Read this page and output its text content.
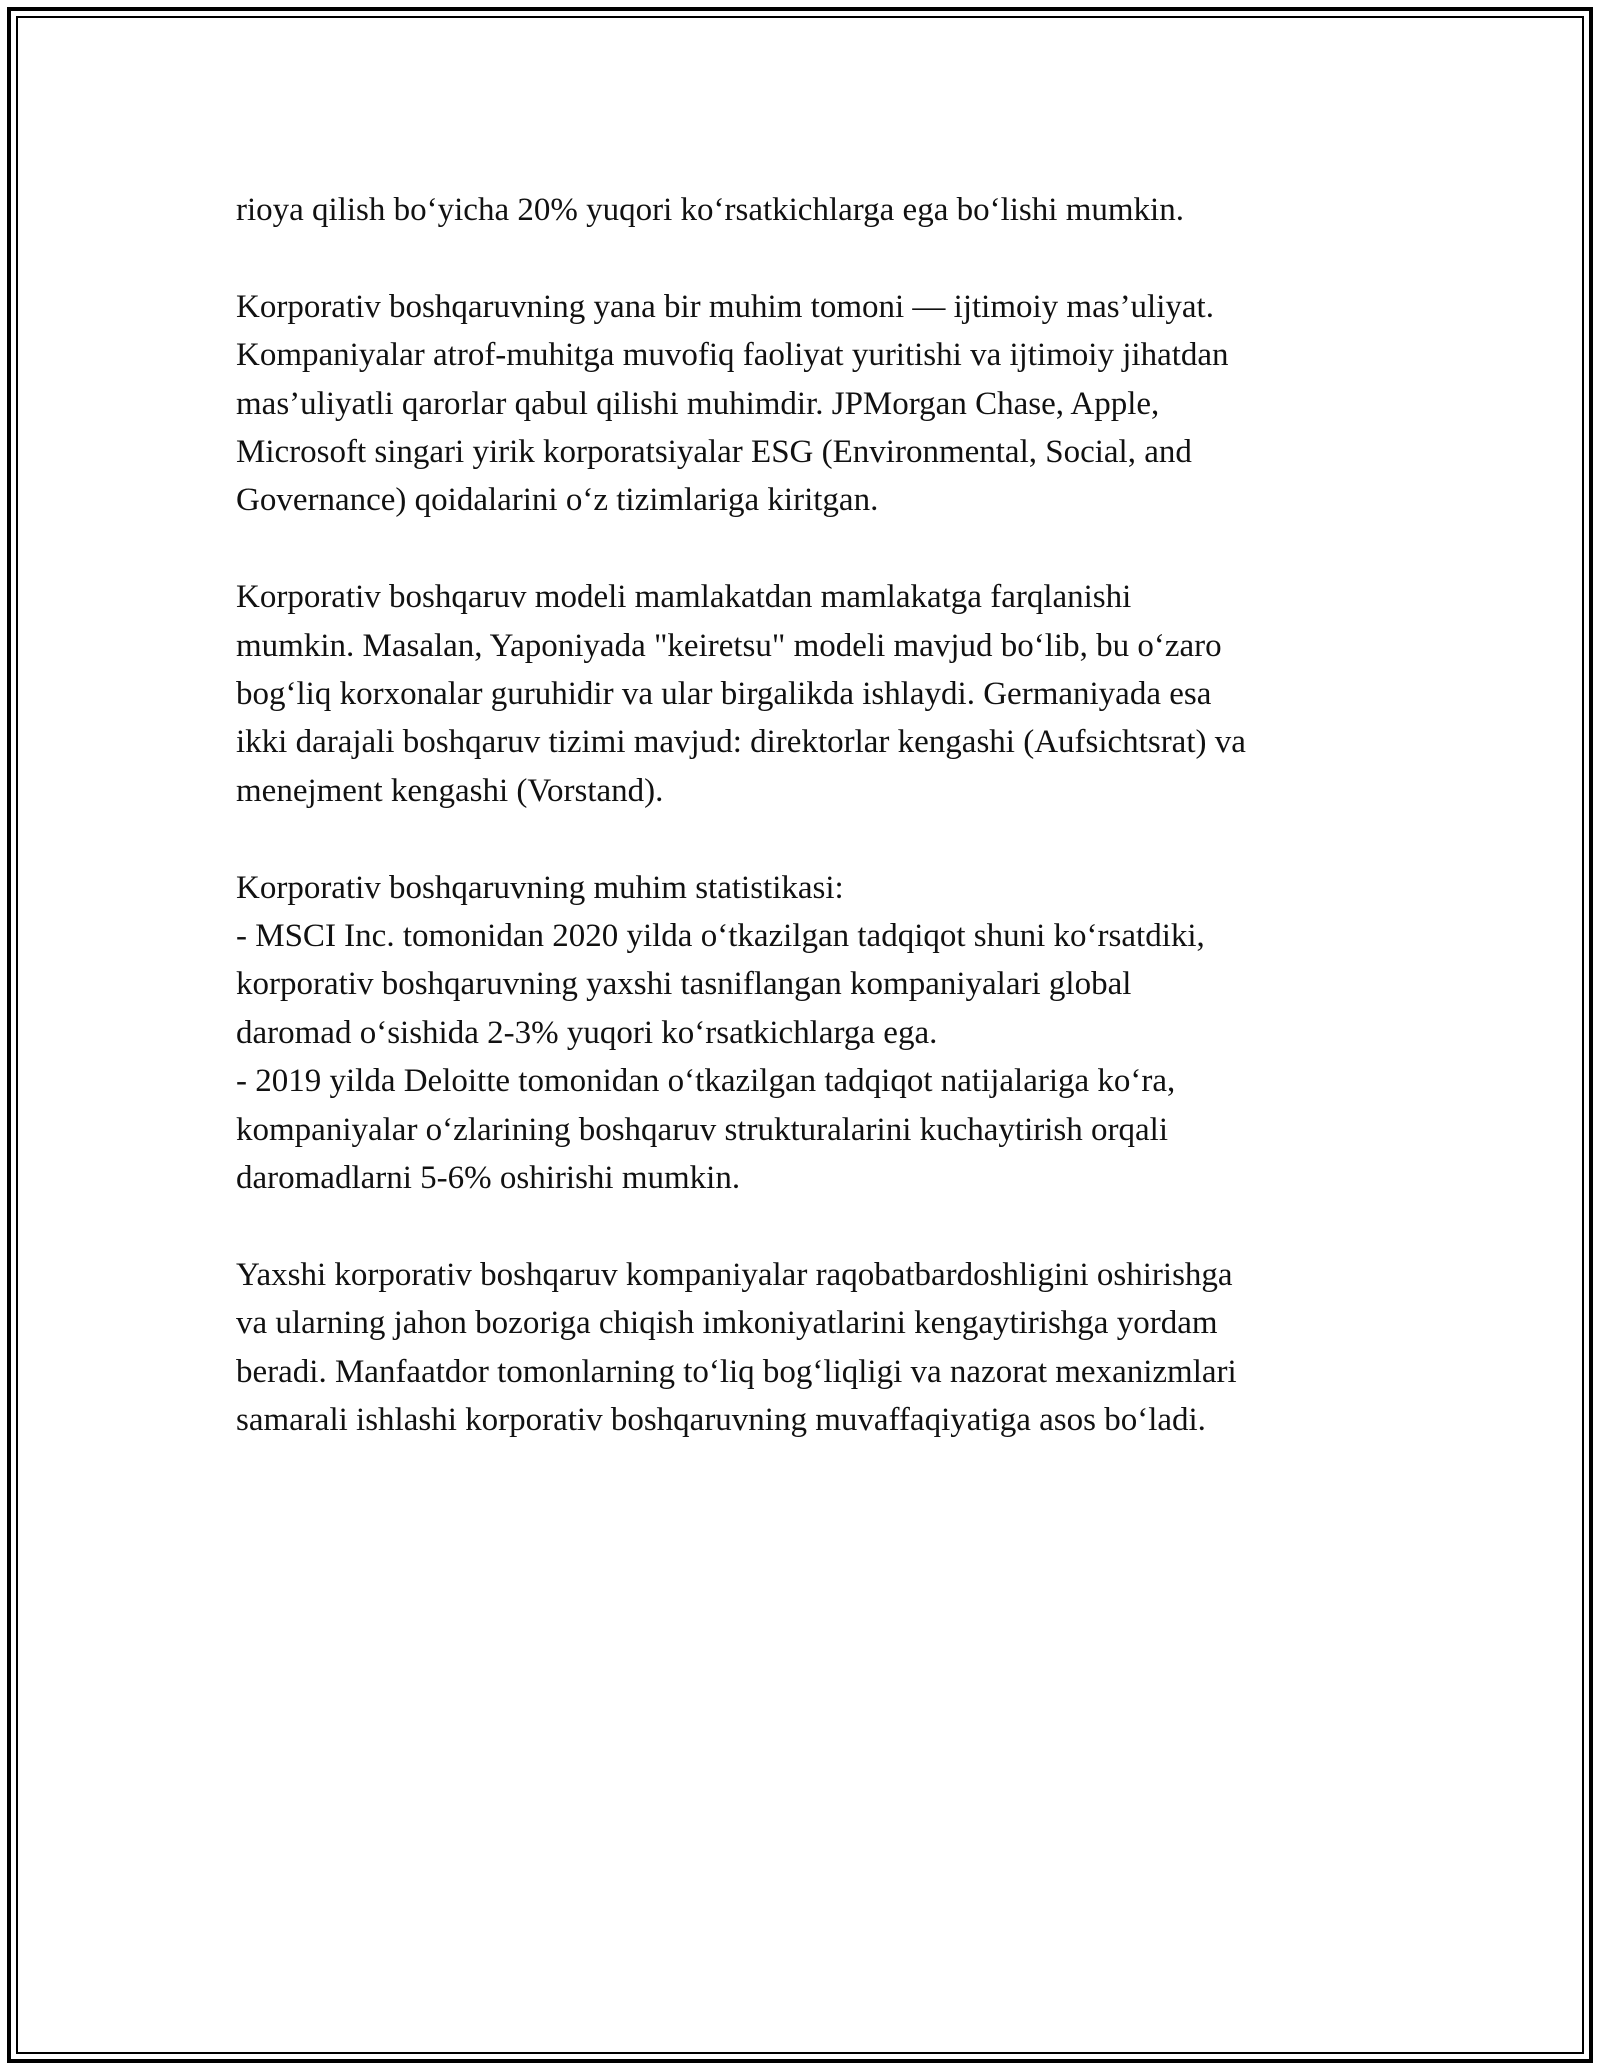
rioya qilish bo‘yicha 20% yuqori ko‘rsatkichlarga ega bo‘lishi mumkin.
Korporativ boshqaruvning yana bir muhim tomoni — ijtimoiy mas’uliyat.
Kompaniyalar atrof-muhitga muvofiq faoliyat yuritishi va ijtimoiy jihatdan
mas’uliyatli qarorlar qabul qilishi muhimdir. JPMorgan Chase, Apple,
Microsoft singari yirik korporatsiyalar ESG (Environmental, Social, and
Governance) qoidalarini o‘z tizimlariga kiritgan.
Korporativ boshqaruv modeli mamlakatdan mamlakatga farqlanishi
mumkin. Masalan, Yaponiyada "keiretsu" modeli mavjud bo‘lib, bu o‘zaro
bog‘liq korxonalar guruhidir va ular birgalikda ishlaydi. Germaniyada esa
ikki darajali boshqaruv tizimi mavjud: direktorlar kengashi (Aufsichtsrat) va
menejment kengashi (Vorstand).
Korporativ boshqaruvning muhim statistikasi:
- MSCI Inc. tomonidan 2020 yilda o‘tkazilgan tadqiqot shuni ko‘rsatdiki,
korporativ boshqaruvning yaxshi tasniflangan kompaniyalari global
daromad o‘sishida 2-3% yuqori ko‘rsatkichlarga ega.
- 2019 yilda Deloitte tomonidan o‘tkazilgan tadqiqot natijalariga ko‘ra,
kompaniyalar o‘zlarining boshqaruv strukturalarini kuchaytirish orqali
daromadlarni 5-6% oshirishi mumkin.
Yaxshi korporativ boshqaruv kompaniyalar raqobatbardoshligini oshirishga
va ularning jahon bozoriga chiqish imkoniyatlarini kengaytirishga yordam
beradi. Manfaatdor tomonlarning to‘liq bog‘liqligi va nazorat mexanizmlari
samarali ishlashi korporativ boshqaruvning muvaffaqiyatiga asos bo‘ladi.
